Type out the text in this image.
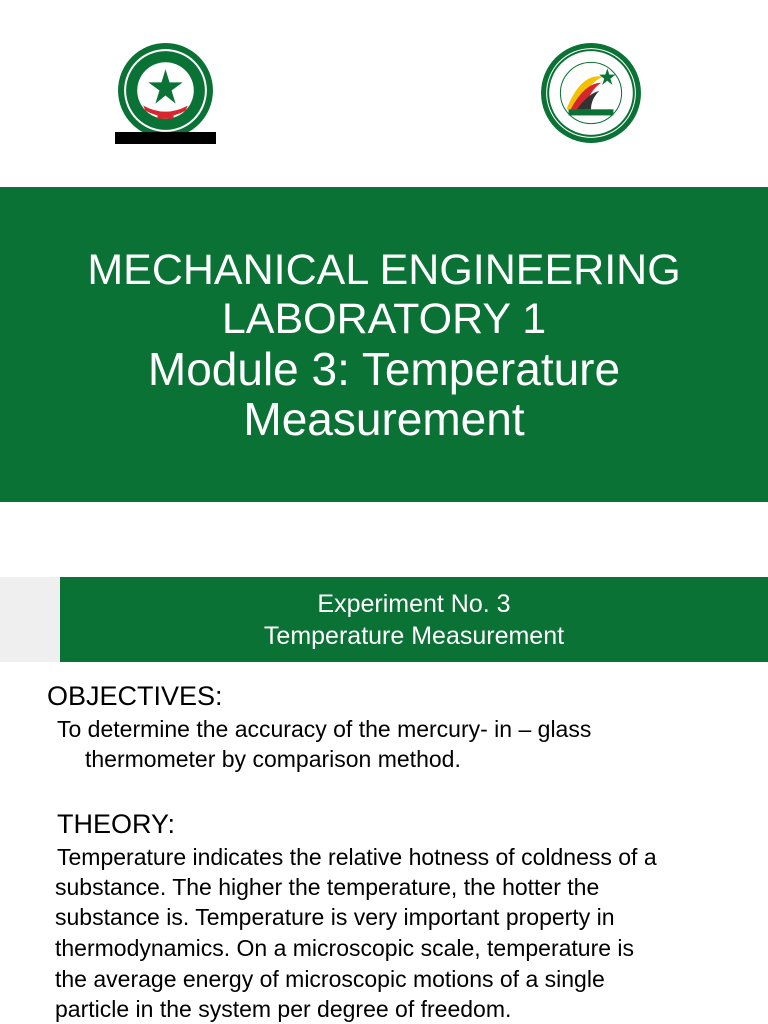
MECHANICAL ENGINEERING
LABORATORY 1
Module 3: Temperature
Measurement
Experiment No. 3
Temperature Measurement
OBJECTIVES:
To determine the accuracy of the mercury- in – glass
thermometer by comparison method.
THEORY:
Temperature indicates the relative hotness of coldness of a
substance. The higher the temperature, the hotter the
substance is. Temperature is very important property in
thermodynamics. On a microscopic scale, temperature is
the average energy of microscopic motions of a single
particle in the system per degree of freedom.
